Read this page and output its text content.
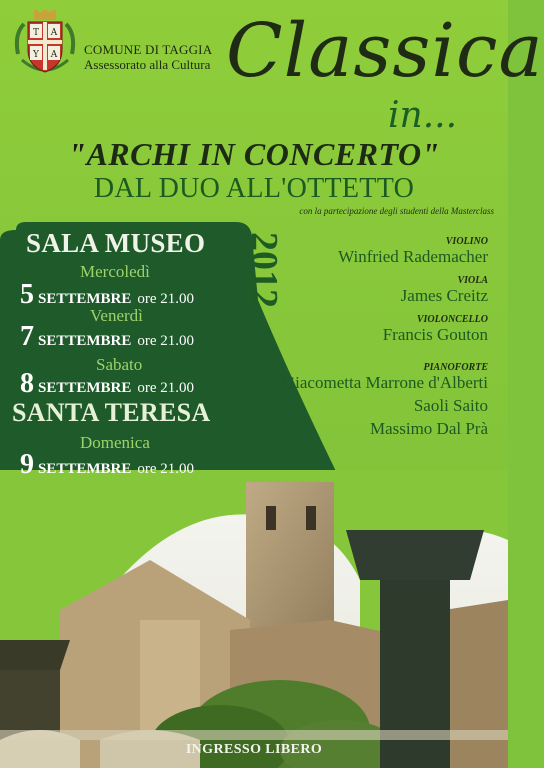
T A
Y A COMUNE DI TAGGIA
Assessorato alla Cultura Classica
in...
"ARCHI IN CONCERTO"
DAL DUO ALL'OTTETTO
con la partecipazione degli studenti della Masterclass
SALA MUSEO
Mercoledì
5 SETTEMBRE ore 21.00
Venerdì
7 SETTEMBRE ore 21.00
Sabato
8 SETTEMBRE ore 21.00
SANTA TERESA
Domenica
9 SETTEMBRE ore 21.00
2012	VIOLINO
Winfried Rademacher
VIOLA
James Creitz
VIOLONCELLO
Francis Gouton
PIANOFORTE
Giacometta Marrone d'Alberti
Saoli Saito
Massimo Dal Prà
INGRESSO LIBERO
